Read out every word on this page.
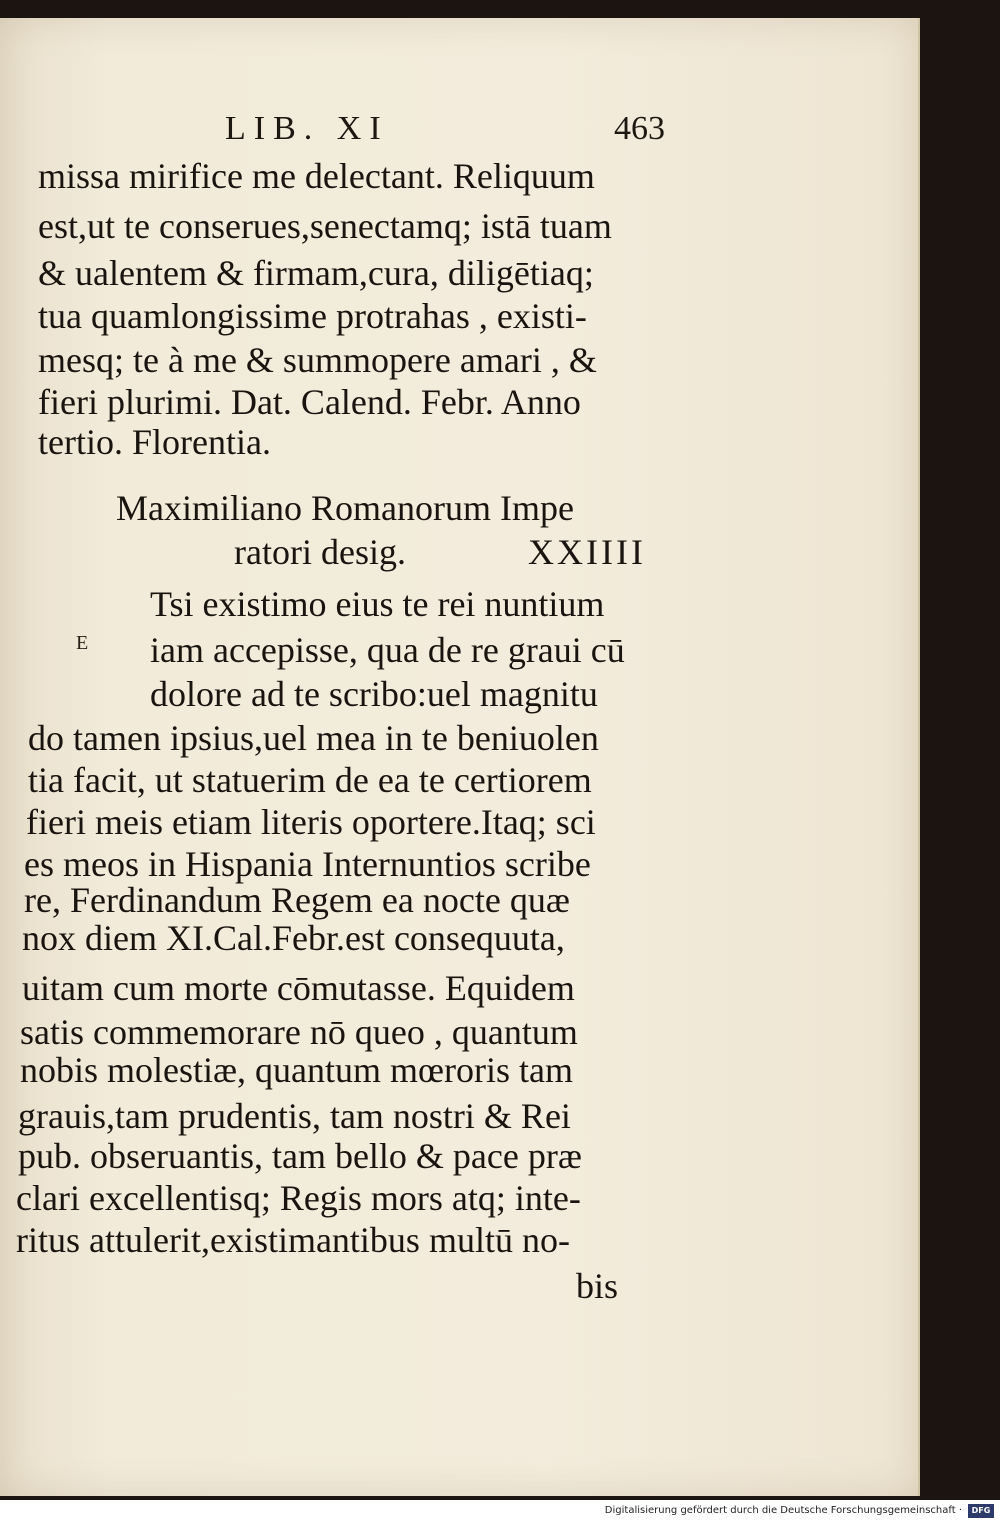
LIB. XI	463
missa mirifice me delectant. Reliquum
est,ut te conserues,senectamq; istā tuam
& ualentem & firmam,cura, diligētiaq;
tua quamlongissime protrahas , existi-
mesq; te à me & summopere amari , &
fieri plurimi. Dat. Calend. Febr. Anno
tertio. Florentia.
Maximiliano Romanorum Impe
ratori desig.	XXIIII
E
Tsi existimo eius te rei nuntium
iam accepisse, qua de re graui cū
dolore ad te scribo:uel magnitu
do tamen ipsius,uel mea in te beniuolen
tia facit, ut statuerim de ea te certiorem
fieri meis etiam literis oportere.Itaq; sci
es meos in Hispania Internuntios scribe
re, Ferdinandum Regem ea nocte quæ
nox diem XI.Cal.Febr.est consequuta,
uitam cum morte cōmutasse. Equidem
satis commemorare nō queo , quantum
nobis molestiæ, quantum mœroris tam
grauis,tam prudentis, tam nostri & Rei
pub. obseruantis, tam bello & pace præ
clari excellentisq; Regis mors atq; inte-
ritus attulerit,existimantibus multū no-
bis
Digitalisierung gefördert durch die Deutsche Forschungsgemeinschaft ·	DFG
